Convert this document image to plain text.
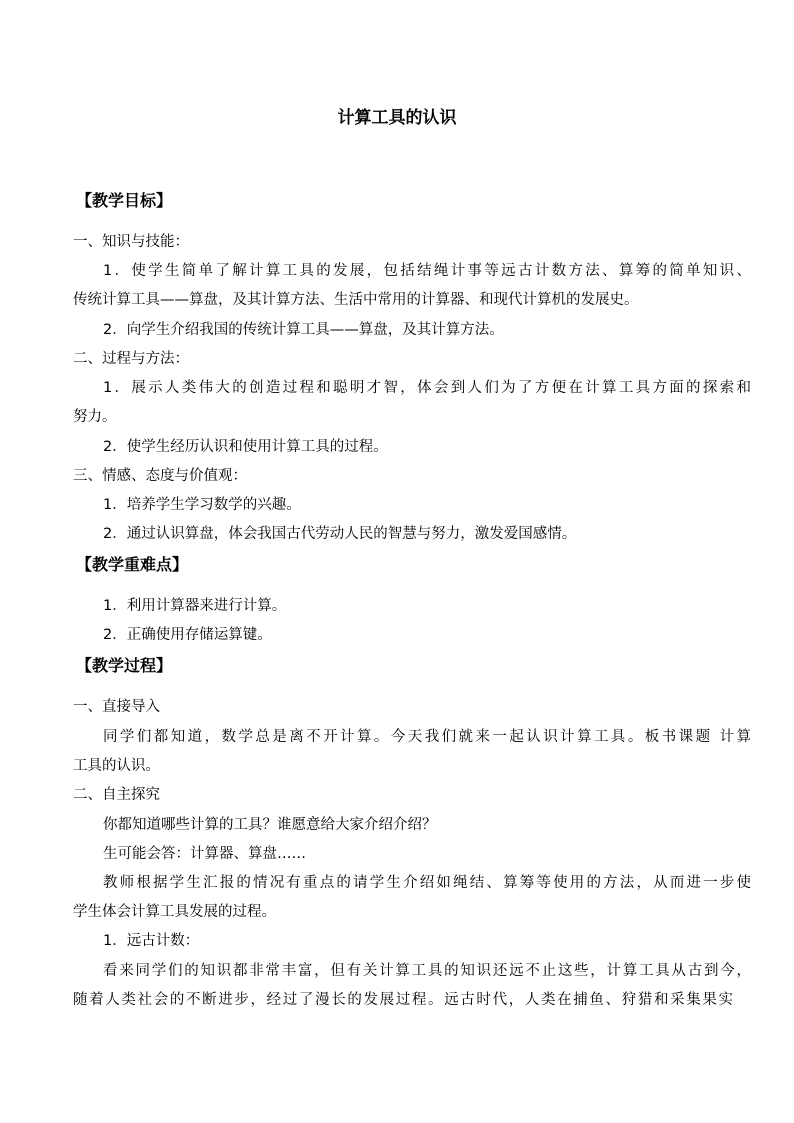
计算工具的认识
【教学目标】
一、知识与技能：
1．使学生简单了解计算工具的发展，包括结绳计事等远古计数方法、算筹的简单知识、
传统计算工具——算盘，及其计算方法、生活中常用的计算器、和现代计算机的发展史。
2．向学生介绍我国的传统计算工具——算盘，及其计算方法。
二、过程与方法：
1．展示人类伟大的创造过程和聪明才智，体会到人们为了方便在计算工具方面的探索和
努力。
2．使学生经历认识和使用计算工具的过程。
三、情感、态度与价值观：
1．培养学生学习数学的兴趣。
2．通过认识算盘，体会我国古代劳动人民的智慧与努力，激发爱国感情。
【教学重难点】
1．利用计算器来进行计算。
2．正确使用存储运算键。
【教学过程】
一、直接导入
同学们都知道，数学总是离不开计算。今天我们就来一起认识计算工具。板书课题 计算
工具的认识。
二、自主探究
你都知道哪些计算的工具？谁愿意给大家介绍介绍？
生可能会答：计算器、算盘……
教师根据学生汇报的情况有重点的请学生介绍如绳结、算筹等使用的方法，从而进一步使
学生体会计算工具发展的过程。
1．远古计数：
看来同学们的知识都非常丰富，但有关计算工具的知识还远不止这些，计算工具从古到今，
随着人类社会的不断进步，经过了漫长的发展过程。远古时代，人类在捕鱼、狩猎和采集果实
